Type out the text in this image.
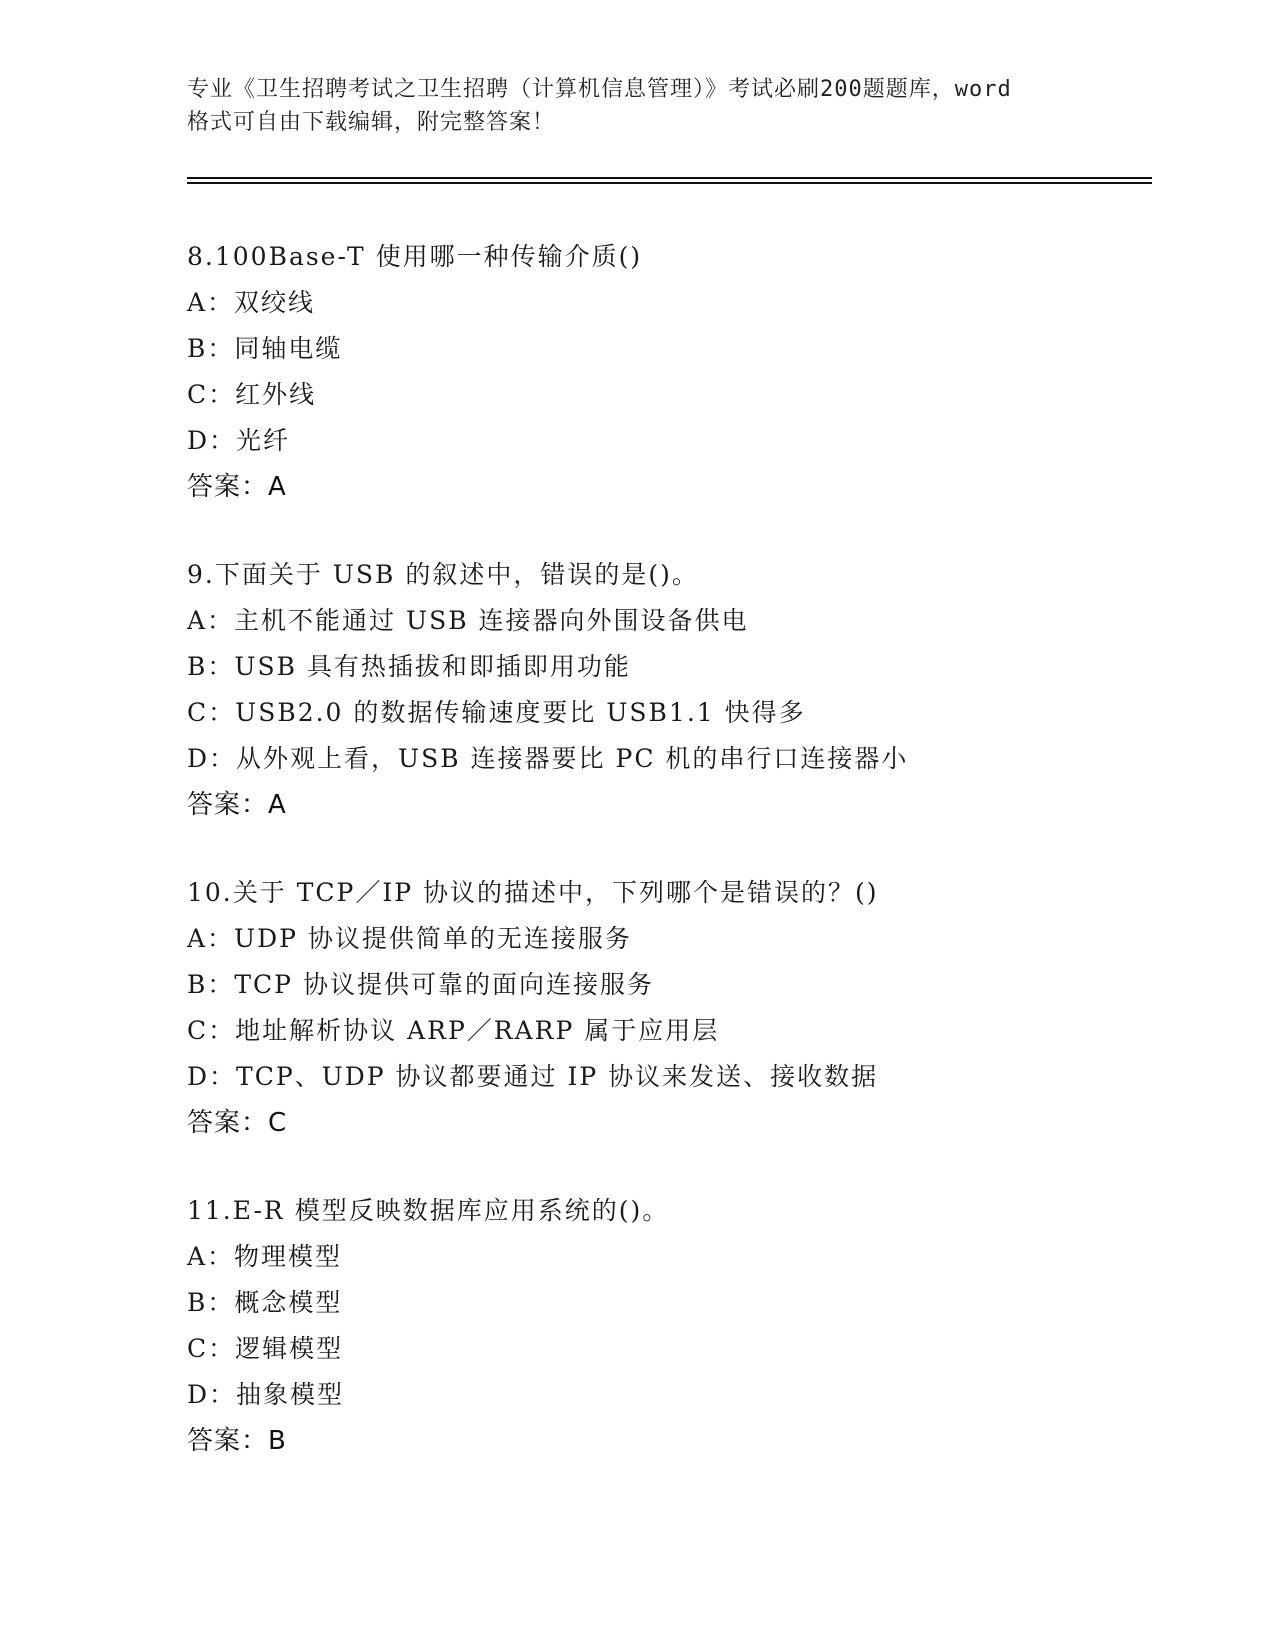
专业《卫生招聘考试之卫生招聘（计算机信息管理）》考试必刷200题题库，word

格式可自由下载编辑，附完整答案！

8.100Base-T 使用哪一种传输介质()
A：双绞线
B：同轴电缆
C：红外线
D：光纤
答案：A
9.下面关于 USB 的叙述中，错误的是()。
A：主机不能通过 USB 连接器向外围设备供电
B：USB 具有热插拔和即插即用功能
C：USB2.0 的数据传输速度要比 USB1.1 快得多
D：从外观上看，USB 连接器要比 PC 机的串行口连接器小
答案：A
10.关于 TCP／IP 协议的描述中，下列哪个是错误的？()
A：UDP 协议提供简单的无连接服务
B：TCP 协议提供可靠的面向连接服务
C：地址解析协议 ARP／RARP 属于应用层
D：TCP、UDP 协议都要通过 IP 协议来发送、接收数据
答案：C
11.E-R 模型反映数据库应用系统的()。
A：物理模型
B：概念模型
C：逻辑模型
D：抽象模型
答案：B
